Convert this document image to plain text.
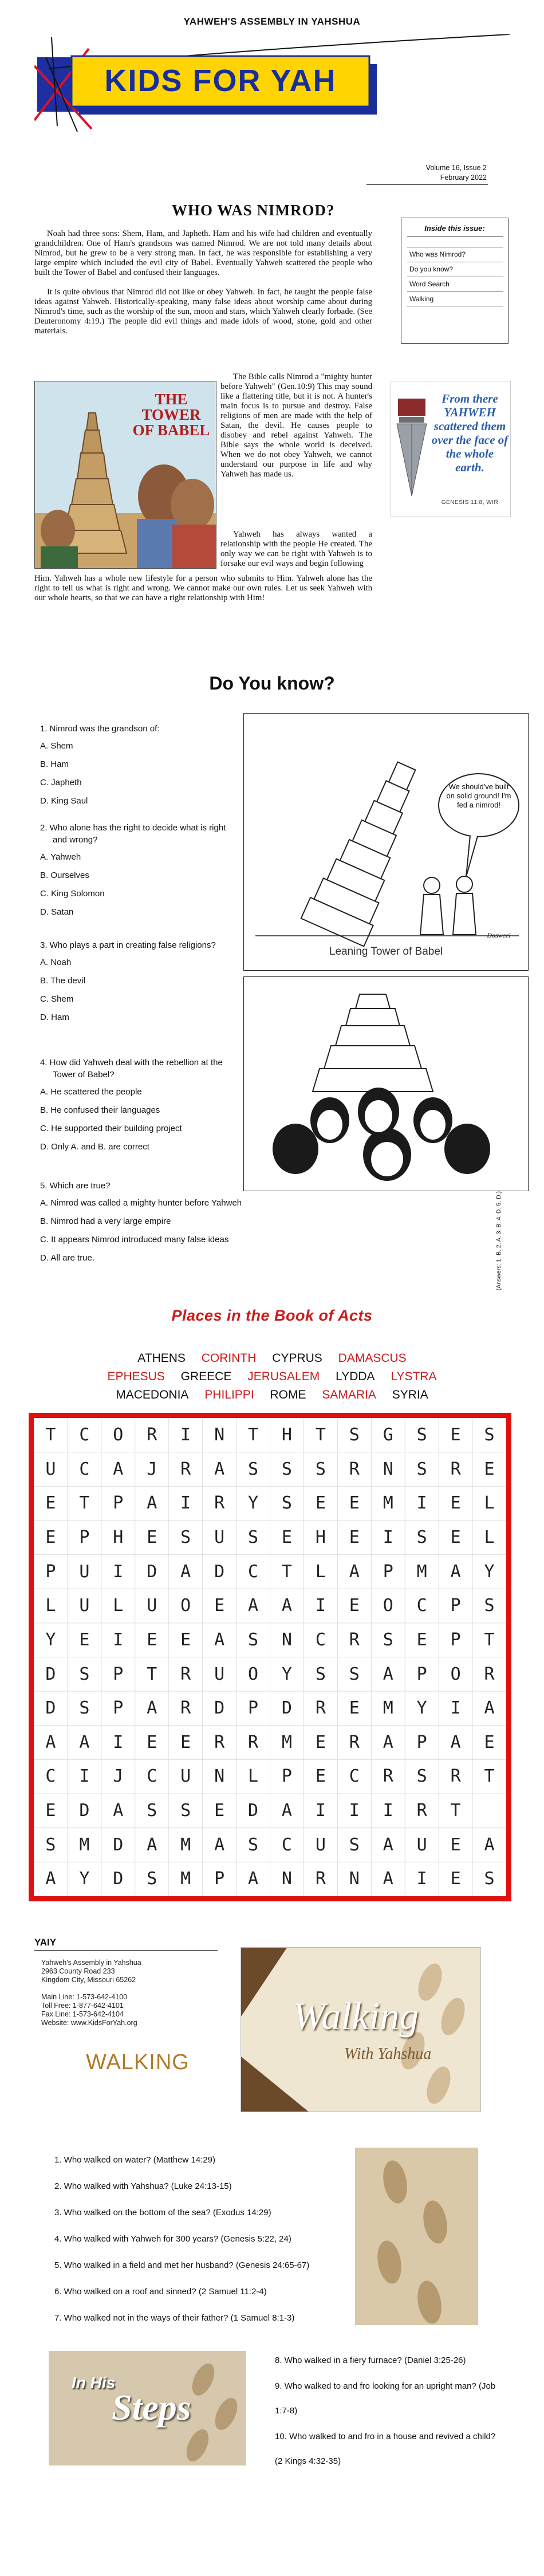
YAHWEH'S ASSEMBLY IN YAHSHUA
KIDS FOR YAH
Volume 16, Issue 2
February 2022
WHO WAS NIMROD?

Noah had three sons: Shem, Ham, and Japheth. Ham and his wife had children and eventually grandchildren. One of Ham's grandsons was named Nimrod. We are not told many details about Nimrod, but he grew to be a very strong man. In fact, he was responsible for establishing a very large empire which included the evil city of Babel. Eventually Yahweh scattered the people who built the Tower of Babel and confused their languages.

It is quite obvious that Nimrod did not like or obey Yahweh. In fact, he taught the people false ideas against Yahweh. Historically-speaking, many false ideas about worship came about during Nimrod's time, such as the worship of the sun, moon and stars, which Yahweh clearly forbade. (See Deuteronomy 4:19.) The people did evil things and made idols of wood, stone, gold and other materials.

THE TOWER OF BABEL

The Bible calls Nimrod a "mighty hunter before Yahweh" (Gen.10:9) This may sound like a flattering title, but it is not. A hunter's main focus is to pursue and destroy. False religions of men are made with the help of Satan, the devil. He causes people to disobey and rebel against Yahweh. The Bible says the whole world is deceived. When we do not obey Yahweh, we cannot understand our purpose in life and why Yahweh has made us.

Yahweh has always wanted a relationship with the people He created. The only way we can be right with Yahweh is to forsake our evil ways and begin following

Him. Yahweh has a whole new lifestyle for a person who submits to Him. Yahweh alone has the right to tell us what is right and wrong. We cannot make our own rules. Let us seek Yahweh with our whole hearts, so that we can have a right relationship with Him!

Inside this issue:
Who was Nimrod?
Do you know?
Word Search
Walking
From there YAHWEH scattered them over the face of the whole earth.
GENESIS 11:8, WIR
Do You know?
1. Nimrod was the grandson of:
A. Shem
B. Ham
C. Japheth
D. King Saul
2. Who alone has the right to decide what is right and wrong?
A. Yahweh
B. Ourselves
C. King Solomon
D. Satan
3. Who plays a part in creating false religions?
A. Noah
B. The devil
C. Shem
D. Ham
4. How did Yahweh deal with the rebellion at the Tower of Babel?
A. He scattered the people
B. He confused their languages
C. He supported their building project
D. Only A. and B. are correct
5. Which are true?
A. Nimrod was called a mighty hunter before Yahweh
B. Nimrod had a very large empire
C. It appears Nimrod introduced many false ideas
D. All are true.
We should've built on solid ground! I'm fed a nimrod!
Dosweel
Leaning Tower of Babel
(Answers: 1. B. 2. A. 3. B. 4. D. 5. D.)
Places in the Book of Acts
ATHENS CORINTH CYPRUS DAMASCUS
EPHESUS GREECE JERUSALEM LYDDA LYSTRA
MACEDONIA PHILIPPI ROME SAMARIA SYRIA
T	C	O	R	I	N	T	H	T	S	G	S	E	S
U	C	A	J	R	A	S	S	S	R	N	S	R	E
E	T	P	A	I	R	Y	S	E	E	M	I	E	L
E	P	H	E	S	U	S	E	H	E	I	S	E	L
P	U	I	D	A	D	C	T	L	A	P	M	A	Y
L	U	L	U	O	E	A	A	I	E	O	C	P	S
Y	E	I	E	E	A	S	N	C	R	S	E	P	T
D	S	P	T	R	U	O	Y	S	S	A	P	O	R
D	S	P	A	R	D	P	D	R	E	M	Y	I	A
A	A	I	E	E	R	R	M	E	R	A	P	A	E
C	I	J	C	U	N	L	P	E	C	R	S	R	T
E	D	A	S	S	E	D	A	I	I	I	R	T
S	M	D	A	M	A	S	C	U	S	A	U	E	A
A	Y	D	S	M	P	A	N	R	N	A	I	E	S
YAIY
Yahweh's Assembly in Yahshua
2963 County Road 233
Kingdom City, Missouri 65262
Main Line: 1-573-642-4100
Toll Free: 1-877-642-4101
Fax Line: 1-573-642-4104
Website: www.KidsForYah.org
WALKING
Walking
With Yahshua
1. Who walked on water? (Matthew 14:29)
2. Who walked with Yahshua? (Luke 24:13-15)
3. Who walked on the bottom of the sea? (Exodus 14:29)
4. Who walked with Yahweh for 300 years? (Genesis 5:22, 24)
5. Who walked in a field and met her husband? (Genesis 24:65-67)
6. Who walked on a roof and sinned? (2 Samuel 11:2-4)
7. Who walked not in the ways of their father? (1 Samuel 8:1-3)
In His
Steps
8. Who walked in a fiery furnace? (Daniel 3:25-26)
9. Who walked to and fro looking for an upright man? (Job 1:7-8)
10. Who walked to and fro in a house and revived a child? (2 Kings 4:32-35)
